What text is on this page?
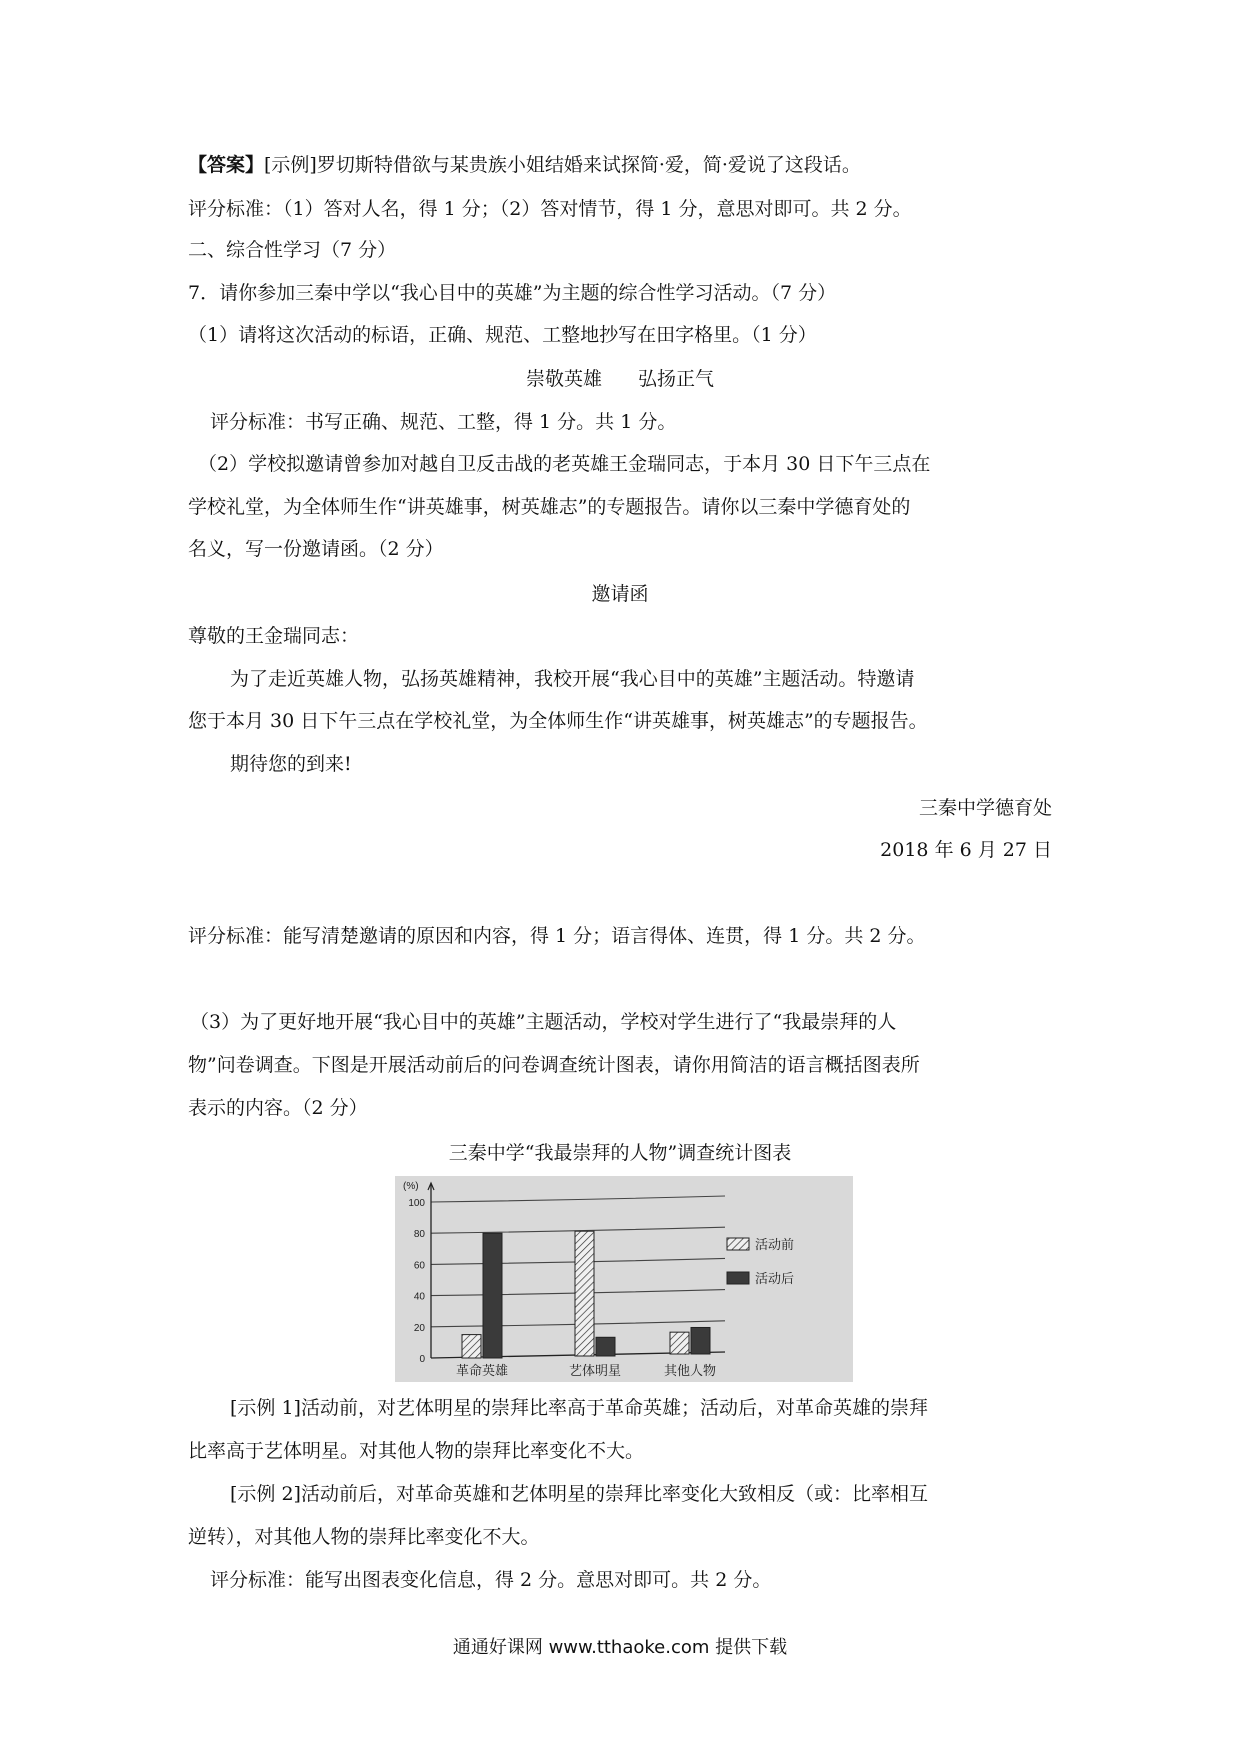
【答案】[示例]罗切斯特借欲与某贵族小姐结婚来试探简·爱，简·爱说了这段话。
评分标准：（1）答对人名，得 1 分；（2）答对情节，得 1 分，意思对即可。共 2 分。
二、综合性学习（7 分）
7．请你参加三秦中学以“我心目中的英雄”为主题的综合性学习活动。（7 分）
（1）请将这次活动的标语，正确、规范、工整地抄写在田字格里。（1 分）
崇敬英雄 弘扬正气
评分标准：书写正确、规范、工整，得 1 分。共 1 分。
（2）学校拟邀请曾参加对越自卫反击战的老英雄王金瑞同志，于本月 30 日下午三点在
学校礼堂，为全体师生作“讲英雄事，树英雄志”的专题报告。请你以三秦中学德育处的
名义，写一份邀请函。（2 分）
邀请函
尊敬的王金瑞同志：
为了走近英雄人物，弘扬英雄精神，我校开展“我心目中的英雄”主题活动。特邀请
您于本月 30 日下午三点在学校礼堂，为全体师生作“讲英雄事，树英雄志”的专题报告。
期待您的到来!
三秦中学德育处
2018 年 6 月 27 日
评分标准：能写清楚邀请的原因和内容，得 1 分；语言得体、连贯，得 1 分。共 2 分。
（3）为了更好地开展“我心目中的英雄”主题活动，学校对学生进行了“我最崇拜的人
物”问卷调查。下图是开展活动前后的问卷调查统计图表，请你用简洁的语言概括图表所
表示的内容。（2 分）
三秦中学“我最崇拜的人物”调查统计图表
0
20
40
60
80
100
(%)
革命英雄	艺体明星	其他人物
活动前
活动后
[示例 1]活动前，对艺体明星的崇拜比率高于革命英雄；活动后，对革命英雄的崇拜
比率高于艺体明星。对其他人物的崇拜比率变化不大。
[示例 2]活动前后，对革命英雄和艺体明星的崇拜比率变化大致相反（或：比率相互
逆转），对其他人物的崇拜比率变化不大。
评分标准：能写出图表变化信息，得 2 分。意思对即可。共 2 分。
通通好课网 www.tthaoke.com 提供下载
